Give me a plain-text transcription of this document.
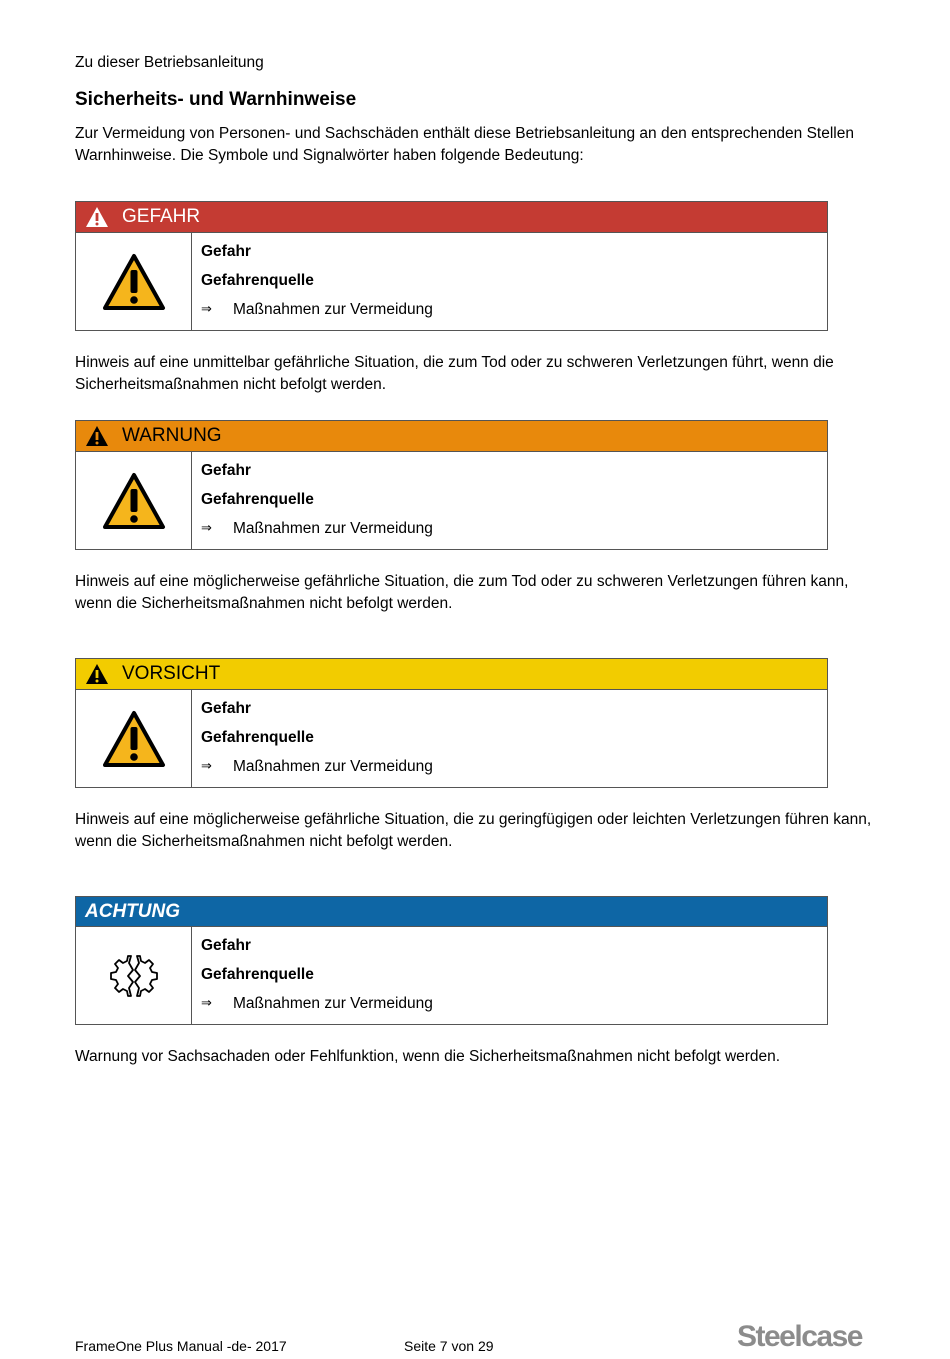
Zu dieser Betriebsanleitung
Sicherheits- und Warnhinweise
Zur Vermeidung von Personen- und Sachschäden enthält diese Betriebsanleitung an den entsprechenden Stellen Warnhinweise. Die Symbole und Signalwörter haben folgende Bedeutung:
GEFAHR
Gefahr
Gefahrenquelle
⇒	Maßnahmen zur Vermeidung
Hinweis auf eine unmittelbar gefährliche Situation, die zum Tod oder zu schweren Verletzungen führt, wenn die Sicherheitsmaßnahmen nicht befolgt werden.
WARNUNG
Gefahr
Gefahrenquelle
⇒	Maßnahmen zur Vermeidung
Hinweis auf eine möglicherweise gefährliche Situation, die zum Tod oder zu schweren Verletzungen führen kann, wenn die Sicherheitsmaßnahmen nicht befolgt werden.
VORSICHT
Gefahr
Gefahrenquelle
⇒	Maßnahmen zur Vermeidung
Hinweis auf eine möglicherweise gefährliche Situation, die zu geringfügigen oder leichten Verletzungen führen kann, wenn die Sicherheitsmaßnahmen nicht befolgt werden.
ACHTUNG
Gefahr
Gefahrenquelle
⇒	Maßnahmen zur Vermeidung
Warnung vor Sachsachaden oder Fehlfunktion, wenn die Sicherheitsmaßnahmen nicht befolgt werden.
FrameOne Plus Manual -de- 2017	Seite 7 von 29	Steelcase
